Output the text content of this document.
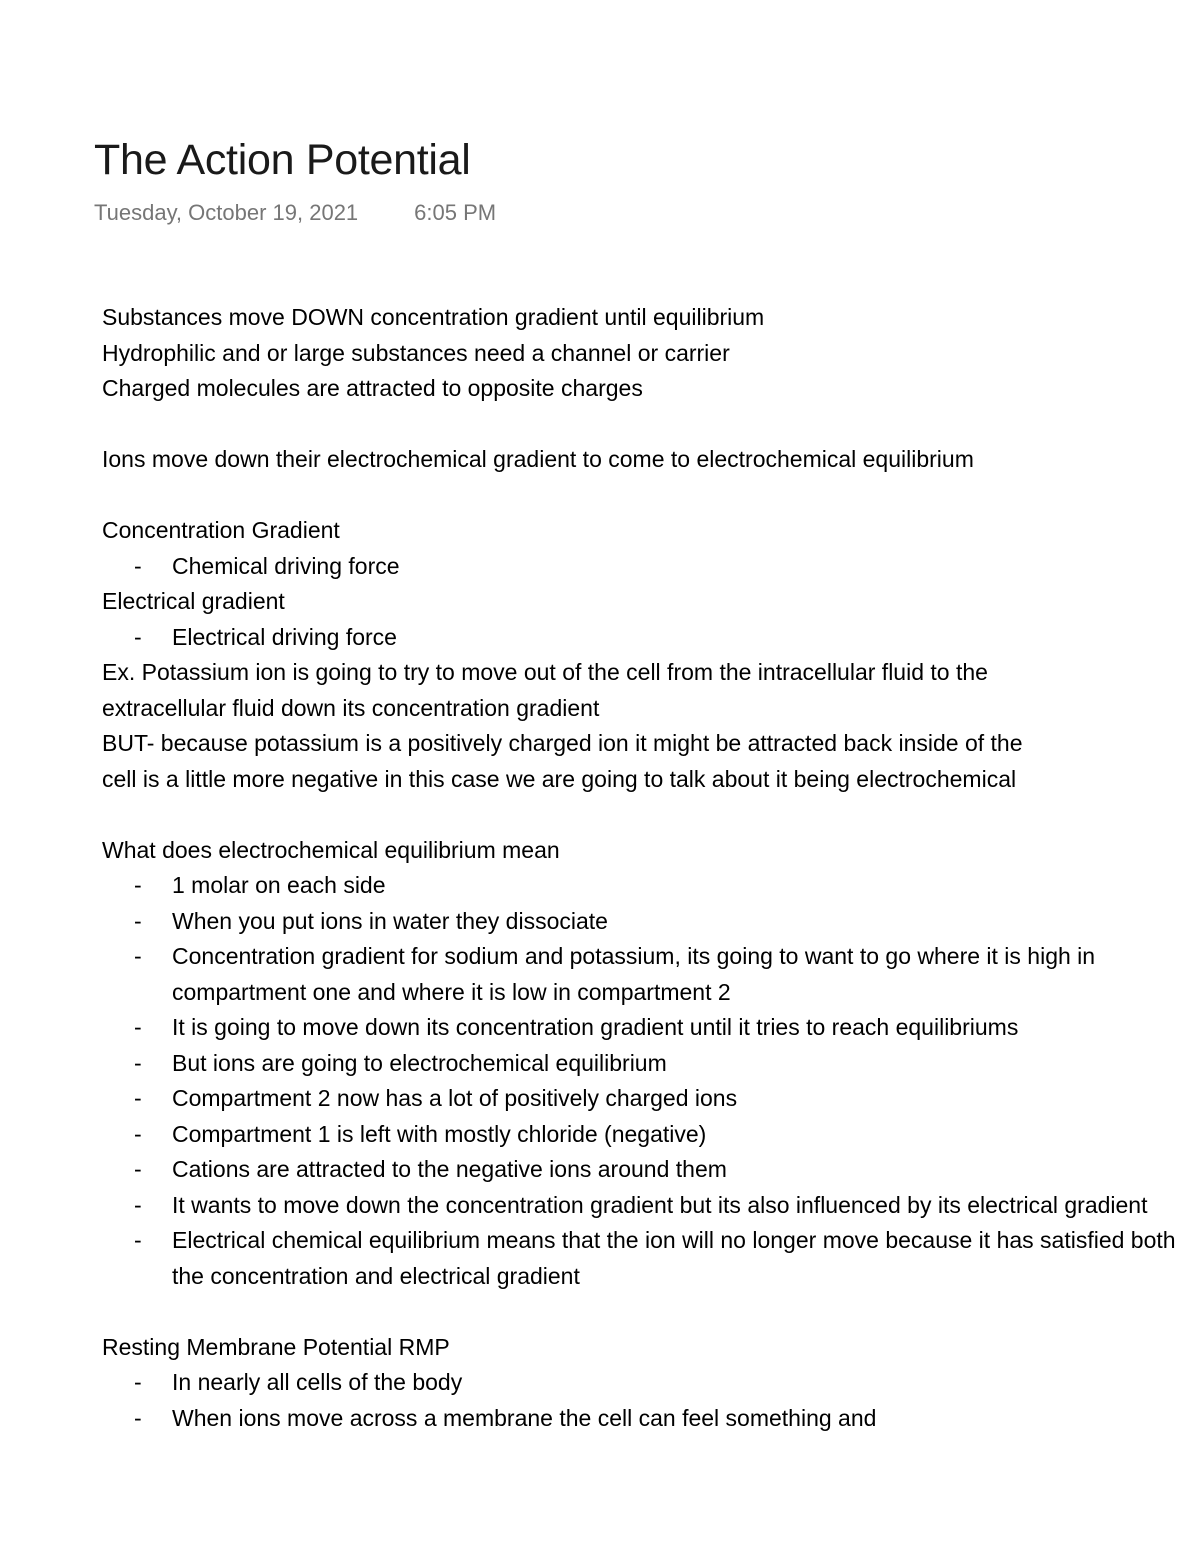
The Action Potential
Tuesday, October 19, 2021	6:05 PM

Substances move DOWN concentration gradient until equilibrium

Hydrophilic and or large substances need a channel or carrier

Charged molecules are attracted to opposite charges

Ions move down their electrochemical gradient to come to electrochemical equilibrium

Concentration Gradient

- Chemical driving force

Electrical gradient

- Electrical driving force

Ex. Potassium ion is going to try to move out of the cell from the intracellular fluid to the

extracellular fluid down its concentration gradient

BUT- because potassium is a positively charged ion it might be attracted back inside of the

cell is a little more negative in this case we are going to talk about it being electrochemical

What does electrochemical equilibrium mean

- 1 molar on each side
- When you put ions in water they dissociate
- Concentration gradient for sodium and potassium, its going to want to go where it is high in compartment one and where it is low in compartment 2
- It is going to move down its concentration gradient until it tries to reach equilibriums
- But ions are going to electrochemical equilibrium
- Compartment 2 now has a lot of positively charged ions
- Compartment 1 is left with mostly chloride (negative)
- Cations are attracted to the negative ions around them
- It wants to move down the concentration gradient but its also influenced by its electrical gradient
- Electrical chemical equilibrium means that the ion will no longer move because it has satisfied both the concentration and electrical gradient

Resting Membrane Potential RMP

- In nearly all cells of the body
- When ions move across a membrane the cell can feel something and
